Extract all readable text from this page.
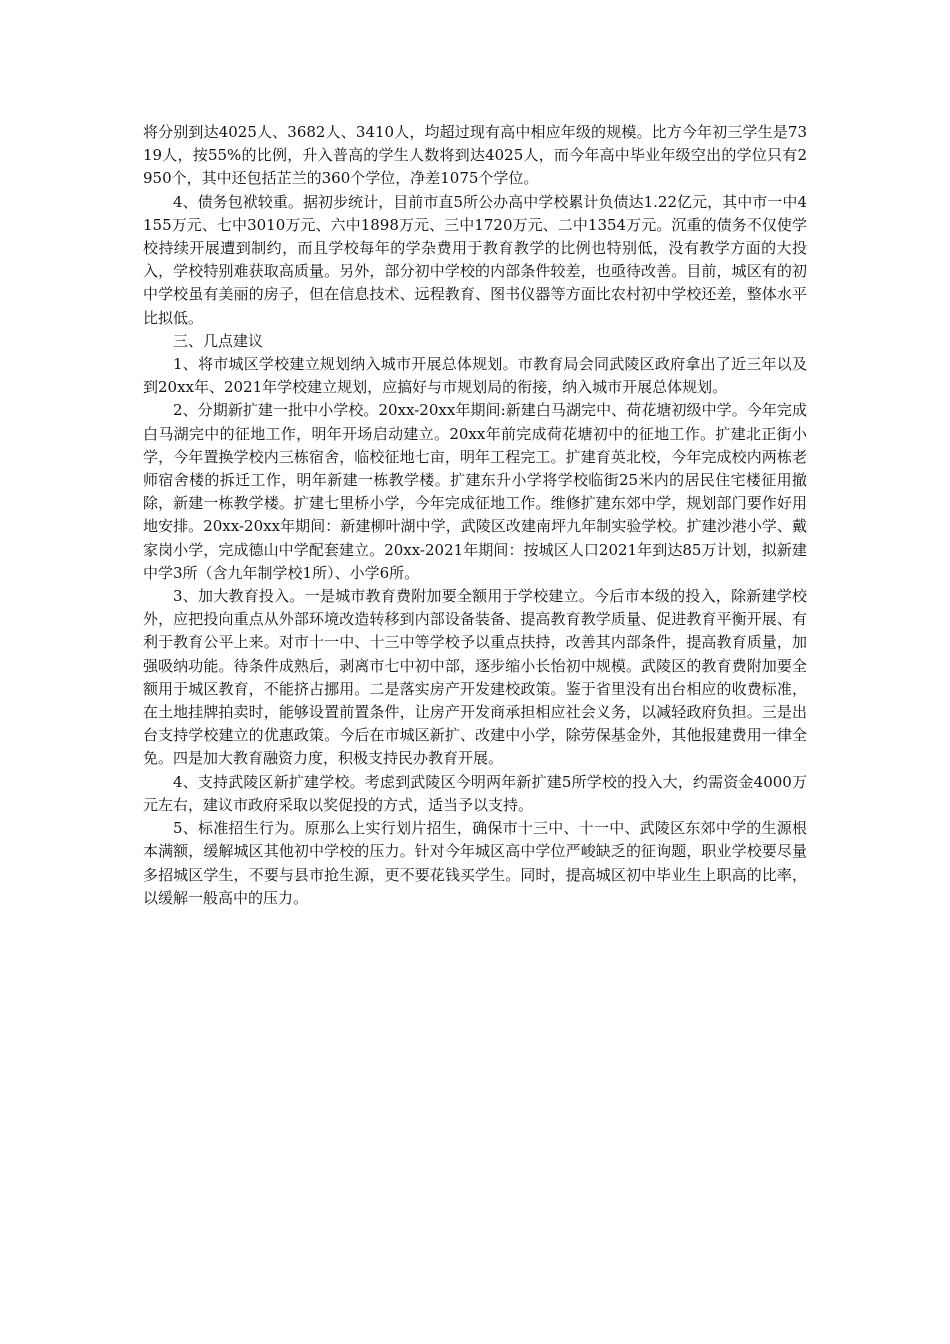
将分别到达4025人、3682人、3410人，均超过现有高中相应年级的规模。比方今年初三学生是7319人，按55%的比例，升入普高的学生人数将到达4025人，而今年高中毕业年级空出的学位只有2950个，其中还包括芷兰的360个学位，净差1075个学位。

4、债务包袱较重。据初步统计，目前市直5所公办高中学校累计负债达1.22亿元，其中市一中4155万元、七中3010万元、六中1898万元、三中1720万元、二中1354万元。沉重的债务不仅使学校持续开展遭到制约，而且学校每年的学杂费用于教育教学的比例也特别低，没有教学方面的大投入，学校特别难获取高质量。另外，部分初中学校的内部条件较差，也亟待改善。目前，城区有的初中学校虽有美丽的房子，但在信息技术、远程教育、图书仪器等方面比农村初中学校还差，整体水平比拟低。

三、几点建议

1、将市城区学校建立规划纳入城市开展总体规划。市教育局会同武陵区政府拿出了近三年以及到20xx年、2021年学校建立规划，应搞好与市规划局的衔接，纳入城市开展总体规划。

2、分期新扩建一批中小学校。20xx-20xx年期间:新建白马湖完中、荷花塘初级中学。今年完成白马湖完中的征地工作，明年开场启动建立。20xx年前完成荷花塘初中的征地工作。扩建北正街小学，今年置换学校内三栋宿舍，临校征地七亩，明年工程完工。扩建育英北校，今年完成校内两栋老师宿舍楼的拆迁工作，明年新建一栋教学楼。扩建东升小学将学校临街25米内的居民住宅楼征用撤除，新建一栋教学楼。扩建七里桥小学，今年完成征地工作。维修扩建东郊中学，规划部门要作好用地安排。20xx-20xx年期间：新建柳叶湖中学，武陵区改建南坪九年制实验学校。扩建沙港小学、戴家岗小学，完成德山中学配套建立。20xx-2021年期间：按城区人口2021年到达85万计划，拟新建中学3所（含九年制学校1所）、小学6所。

3、加大教育投入。一是城市教育费附加要全额用于学校建立。今后市本级的投入，除新建学校外，应把投向重点从外部环境改造转移到内部设备装备、提高教育教学质量、促进教育平衡开展、有利于教育公平上来。对市十一中、十三中等学校予以重点扶持，改善其内部条件，提高教育质量，加强吸纳功能。待条件成熟后，剥离市七中初中部，逐步缩小长怡初中规模。武陵区的教育费附加要全额用于城区教育，不能挤占挪用。二是落实房产开发建校政策。鉴于省里没有出台相应的收费标准，在土地挂牌拍卖时，能够设置前置条件，让房产开发商承担相应社会义务，以减轻政府负担。三是出台支持学校建立的优惠政策。今后在市城区新扩、改建中小学，除劳保基金外，其他报建费用一律全免。四是加大教育融资力度，积极支持民办教育开展。

4、支持武陵区新扩建学校。考虑到武陵区今明两年新扩建5所学校的投入大，约需资金4000万元左右，建议市政府采取以奖促投的方式，适当予以支持。

5、标准招生行为。原那么上实行划片招生，确保市十三中、十一中、武陵区东郊中学的生源根本满额，缓解城区其他初中学校的压力。针对今年城区高中学位严峻缺乏的征询题，职业学校要尽量多招城区学生，不要与县市抢生源，更不要花钱买学生。同时，提高城区初中毕业生上职高的比率，以缓解一般高中的压力。
